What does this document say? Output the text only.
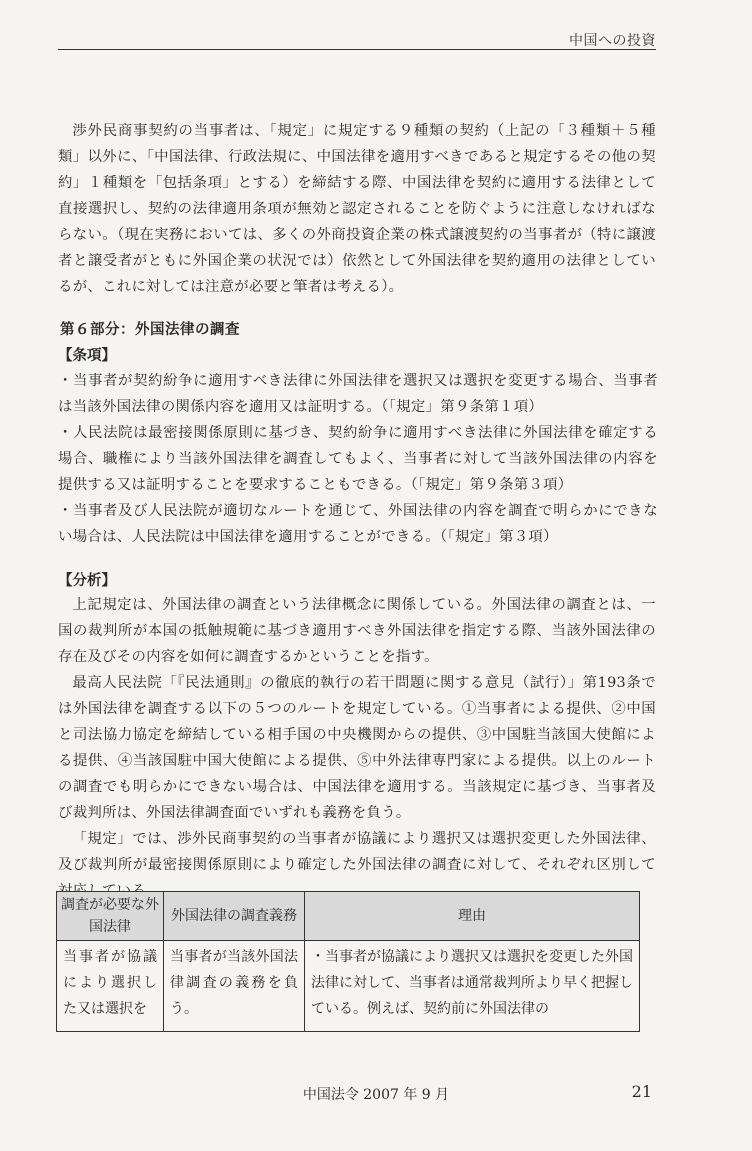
中国への投資

渉外民商事契約の当事者は、「規定」に規定する９種類の契約（上記の「３種類＋５種類」以外に、「中国法律、行政法規に、中国法律を適用すべきであると規定するその他の契約」１種類を「包括条項」とする）を締結する際、中国法律を契約に適用する法律として直接選択し、契約の法律適用条項が無効と認定されることを防ぐように注意しなければならない。（現在実務においては、多くの外商投資企業の株式譲渡契約の当事者が（特に譲渡者と譲受者がともに外国企業の状況では）依然として外国法律を契約適用の法律としているが、これに対しては注意が必要と筆者は考える）。

第６部分：外国法律の調査
【条項】
・当事者が契約紛争に適用すべき法律に外国法律を選択又は選択を変更する場合、当事者は当該外国法律の関係内容を適用又は証明する。（「規定」第９条第１項）
・人民法院は最密接関係原則に基づき、契約紛争に適用すべき法律に外国法律を確定する場合、職権により当該外国法律を調査してもよく、当事者に対して当該外国法律の内容を提供する又は証明することを要求することもできる。（「規定」第９条第３項）
・当事者及び人民法院が適切なルートを通じて、外国法律の内容を調査で明らかにできない場合は、人民法院は中国法律を適用することができる。（「規定」第３項）
【分析】

上記規定は、外国法律の調査という法律概念に関係している。外国法律の調査とは、一国の裁判所が本国の抵触規範に基づき適用すべき外国法律を指定する際、当該外国法律の存在及びその内容を如何に調査するかということを指す。

最高人民法院「『民法通則』の徹底的執行の若干問題に関する意見（試行）」第193条では外国法律を調査する以下の５つのルートを規定している。①当事者による提供、②中国と司法協力協定を締結している相手国の中央機関からの提供、③中国駐当該国大使館による提供、④当該国駐中国大使館による提供、⑤中外法律専門家による提供。以上のルートの調査でも明らかにできない場合は、中国法律を適用する。当該規定に基づき、当事者及び裁判所は、外国法律調査面でいずれも義務を負う。

「規定」では、渉外民商事契約の当事者が協議により選択又は選択変更した外国法律、及び裁判所が最密接関係原則により確定した外国法律の調査に対して、それぞれ区別して

調査が必要な外国法律	外国法律の調査義務	理由
当事者が協議により選択した又は選択を	当事者が当該外国法律調査の義務を負う。	・当事者が協議により選択又は選択を変更した外国法律に対して、当事者は通常裁判所より早く把握している。例えば、契約前に外国法律の
中国法令 2007 年 9 月	21
